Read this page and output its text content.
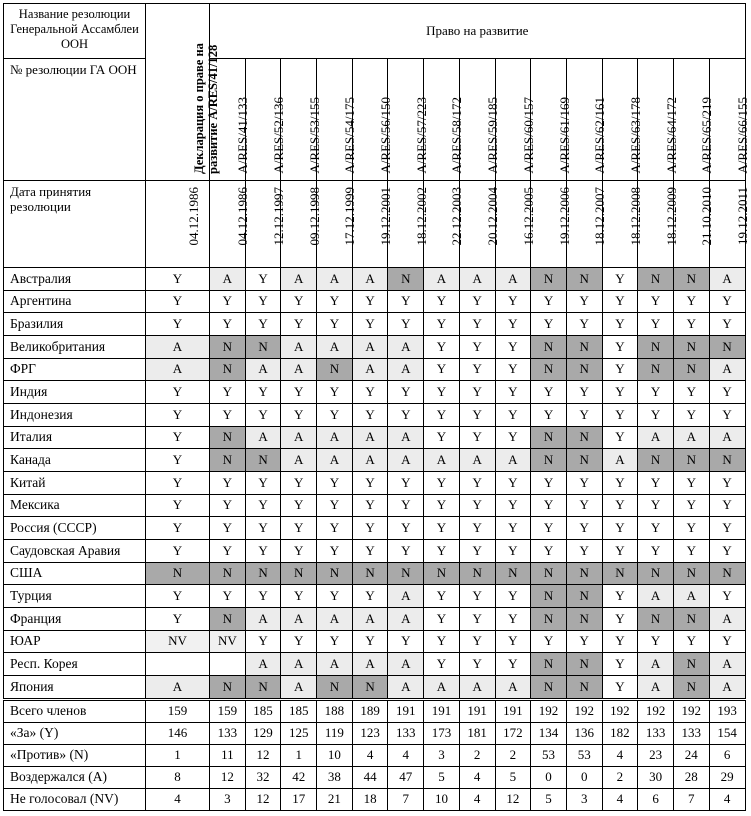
Название резолюции Генеральной Ассамблеи ООН	Декларация о праве на развитие A/RES/41/128	Право на развитие														
№ резолюции ГА ООН		A/RES/41/133	A/RES/52/136	A/RES/53/155	A/RES/54/175	A/RES/56/150	A/RES/57/223	A/RES/58/172	A/RES/59/185	A/RES/60/157	A/RES/61/169	A/RES/62/161	A/RES/63/178	A/RES/64/172	A/RES/65/219	A/RES/66/155

Дата принятия резолюции	04.12.1986	04.12.1986	12.12.1997	09.12.1998	17.12.1999	19.12.2001	18.12.2002	22.12.2003	20.12.2004	16.12.2005	19.12.2006	18.12.2007	18.12.2008	18.12.2009	21.10.2010	19.12.2011

Австралия	Y	A	Y	A	A	A	N	A	A	A	N	N	Y	N	N	A
Аргентина	Y	Y	Y	Y	Y	Y	Y	Y	Y	Y	Y	Y	Y	Y	Y	Y
Бразилия	Y	Y	Y	Y	Y	Y	Y	Y	Y	Y	Y	Y	Y	Y	Y	Y
Великобритания	A	N	N	A	A	A	A	Y	Y	Y	N	N	Y	N	N	N
ФРГ	A	N	A	A	N	A	A	Y	Y	Y	N	N	Y	N	N	A
Индия	Y	Y	Y	Y	Y	Y	Y	Y	Y	Y	Y	Y	Y	Y	Y	Y
Индонезия	Y	Y	Y	Y	Y	Y	Y	Y	Y	Y	Y	Y	Y	Y	Y	Y
Италия	Y	N	A	A	A	A	A	Y	Y	Y	N	N	Y	A	A	A
Канада	Y	N	N	A	A	A	A	A	A	A	N	N	A	N	N	N
Китай	Y	Y	Y	Y	Y	Y	Y	Y	Y	Y	Y	Y	Y	Y	Y	Y
Мексика	Y	Y	Y	Y	Y	Y	Y	Y	Y	Y	Y	Y	Y	Y	Y	Y
Россия (СССР)	Y	Y	Y	Y	Y	Y	Y	Y	Y	Y	Y	Y	Y	Y	Y	Y
Саудовская Аравия	Y	Y	Y	Y	Y	Y	Y	Y	Y	Y	Y	Y	Y	Y	Y	Y
США	N	N	N	N	N	N	N	N	N	N	N	N	N	N	N	N
Турция	Y	Y	Y	Y	Y	Y	A	Y	Y	Y	N	N	Y	A	A	Y
Франция	Y	N	A	A	A	A	A	Y	Y	Y	N	N	Y	N	N	A
ЮАР	NV	NV	Y	Y	Y	Y	Y	Y	Y	Y	Y	Y	Y	Y	Y	Y
Респ. Корея			A	A	A	A	A	Y	Y	Y	N	N	Y	A	N	A
Япония	A	N	N	A	N	N	A	A	A	A	N	N	Y	A	N	A
Всего членов	159	159	185	185	188	189	191	191	191	191	192	192	192	192	192	193
«За» (Y)	146	133	129	125	119	123	133	173	181	172	134	136	182	133	133	154
«Против» (N)	1	11	12	1	10	4	4	3	2	2	53	53	4	23	24	6
Воздержался (A)	8	12	32	42	38	44	47	5	4	5	0	0	2	30	28	29
Не голосовал (NV)	4	3	12	17	21	18	7	10	4	12	5	3	4	6	7	4
